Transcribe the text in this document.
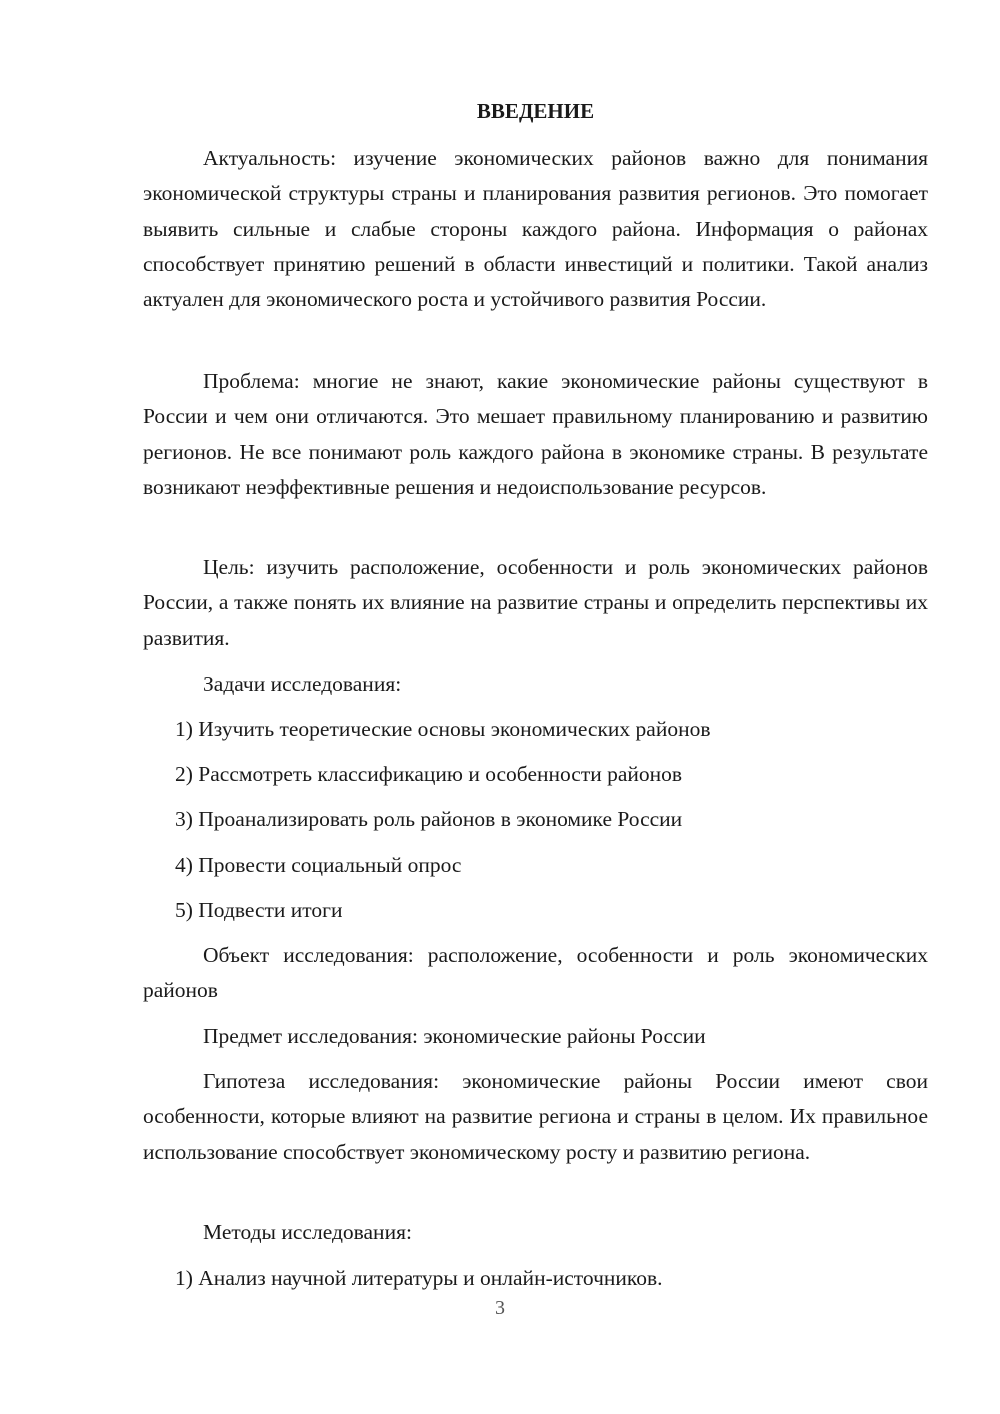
ВВЕДЕНИЕ

Актуальность: изучение экономических районов важно для понимания экономической структуры страны и планирования развития регионов. Это помогает выявить сильные и слабые стороны каждого района. Информация о районах способствует принятию решений в области инвестиций и политики. Такой анализ актуален для экономического роста и устойчивого развития России.

Проблема: многие не знают, какие экономические районы существуют в России и чем они отличаются. Это мешает правильному планированию и развитию регионов. Не все понимают роль каждого района в экономике страны. В результате возникают неэффективные решения и недоиспользование ресурсов.

Цель: изучить расположение, особенности и роль экономических районов России, а также понять их влияние на развитие страны и определить перспективы их развития.

Задачи исследования:

1) Изучить теоретические основы экономических районов

2) Рассмотреть классификацию и особенности районов

3) Проанализировать роль районов в экономике России

4) Провести социальный опрос

5) Подвести итоги

Объект исследования: расположение, особенности и роль экономических районов

Предмет исследования: экономические районы России

Гипотеза исследования: экономические районы России имеют свои особенности, которые влияют на развитие региона и страны в целом. Их правильное использование способствует экономическому росту и развитию региона.

Методы исследования:

1) Анализ научной литературы и онлайн-источников.

3
